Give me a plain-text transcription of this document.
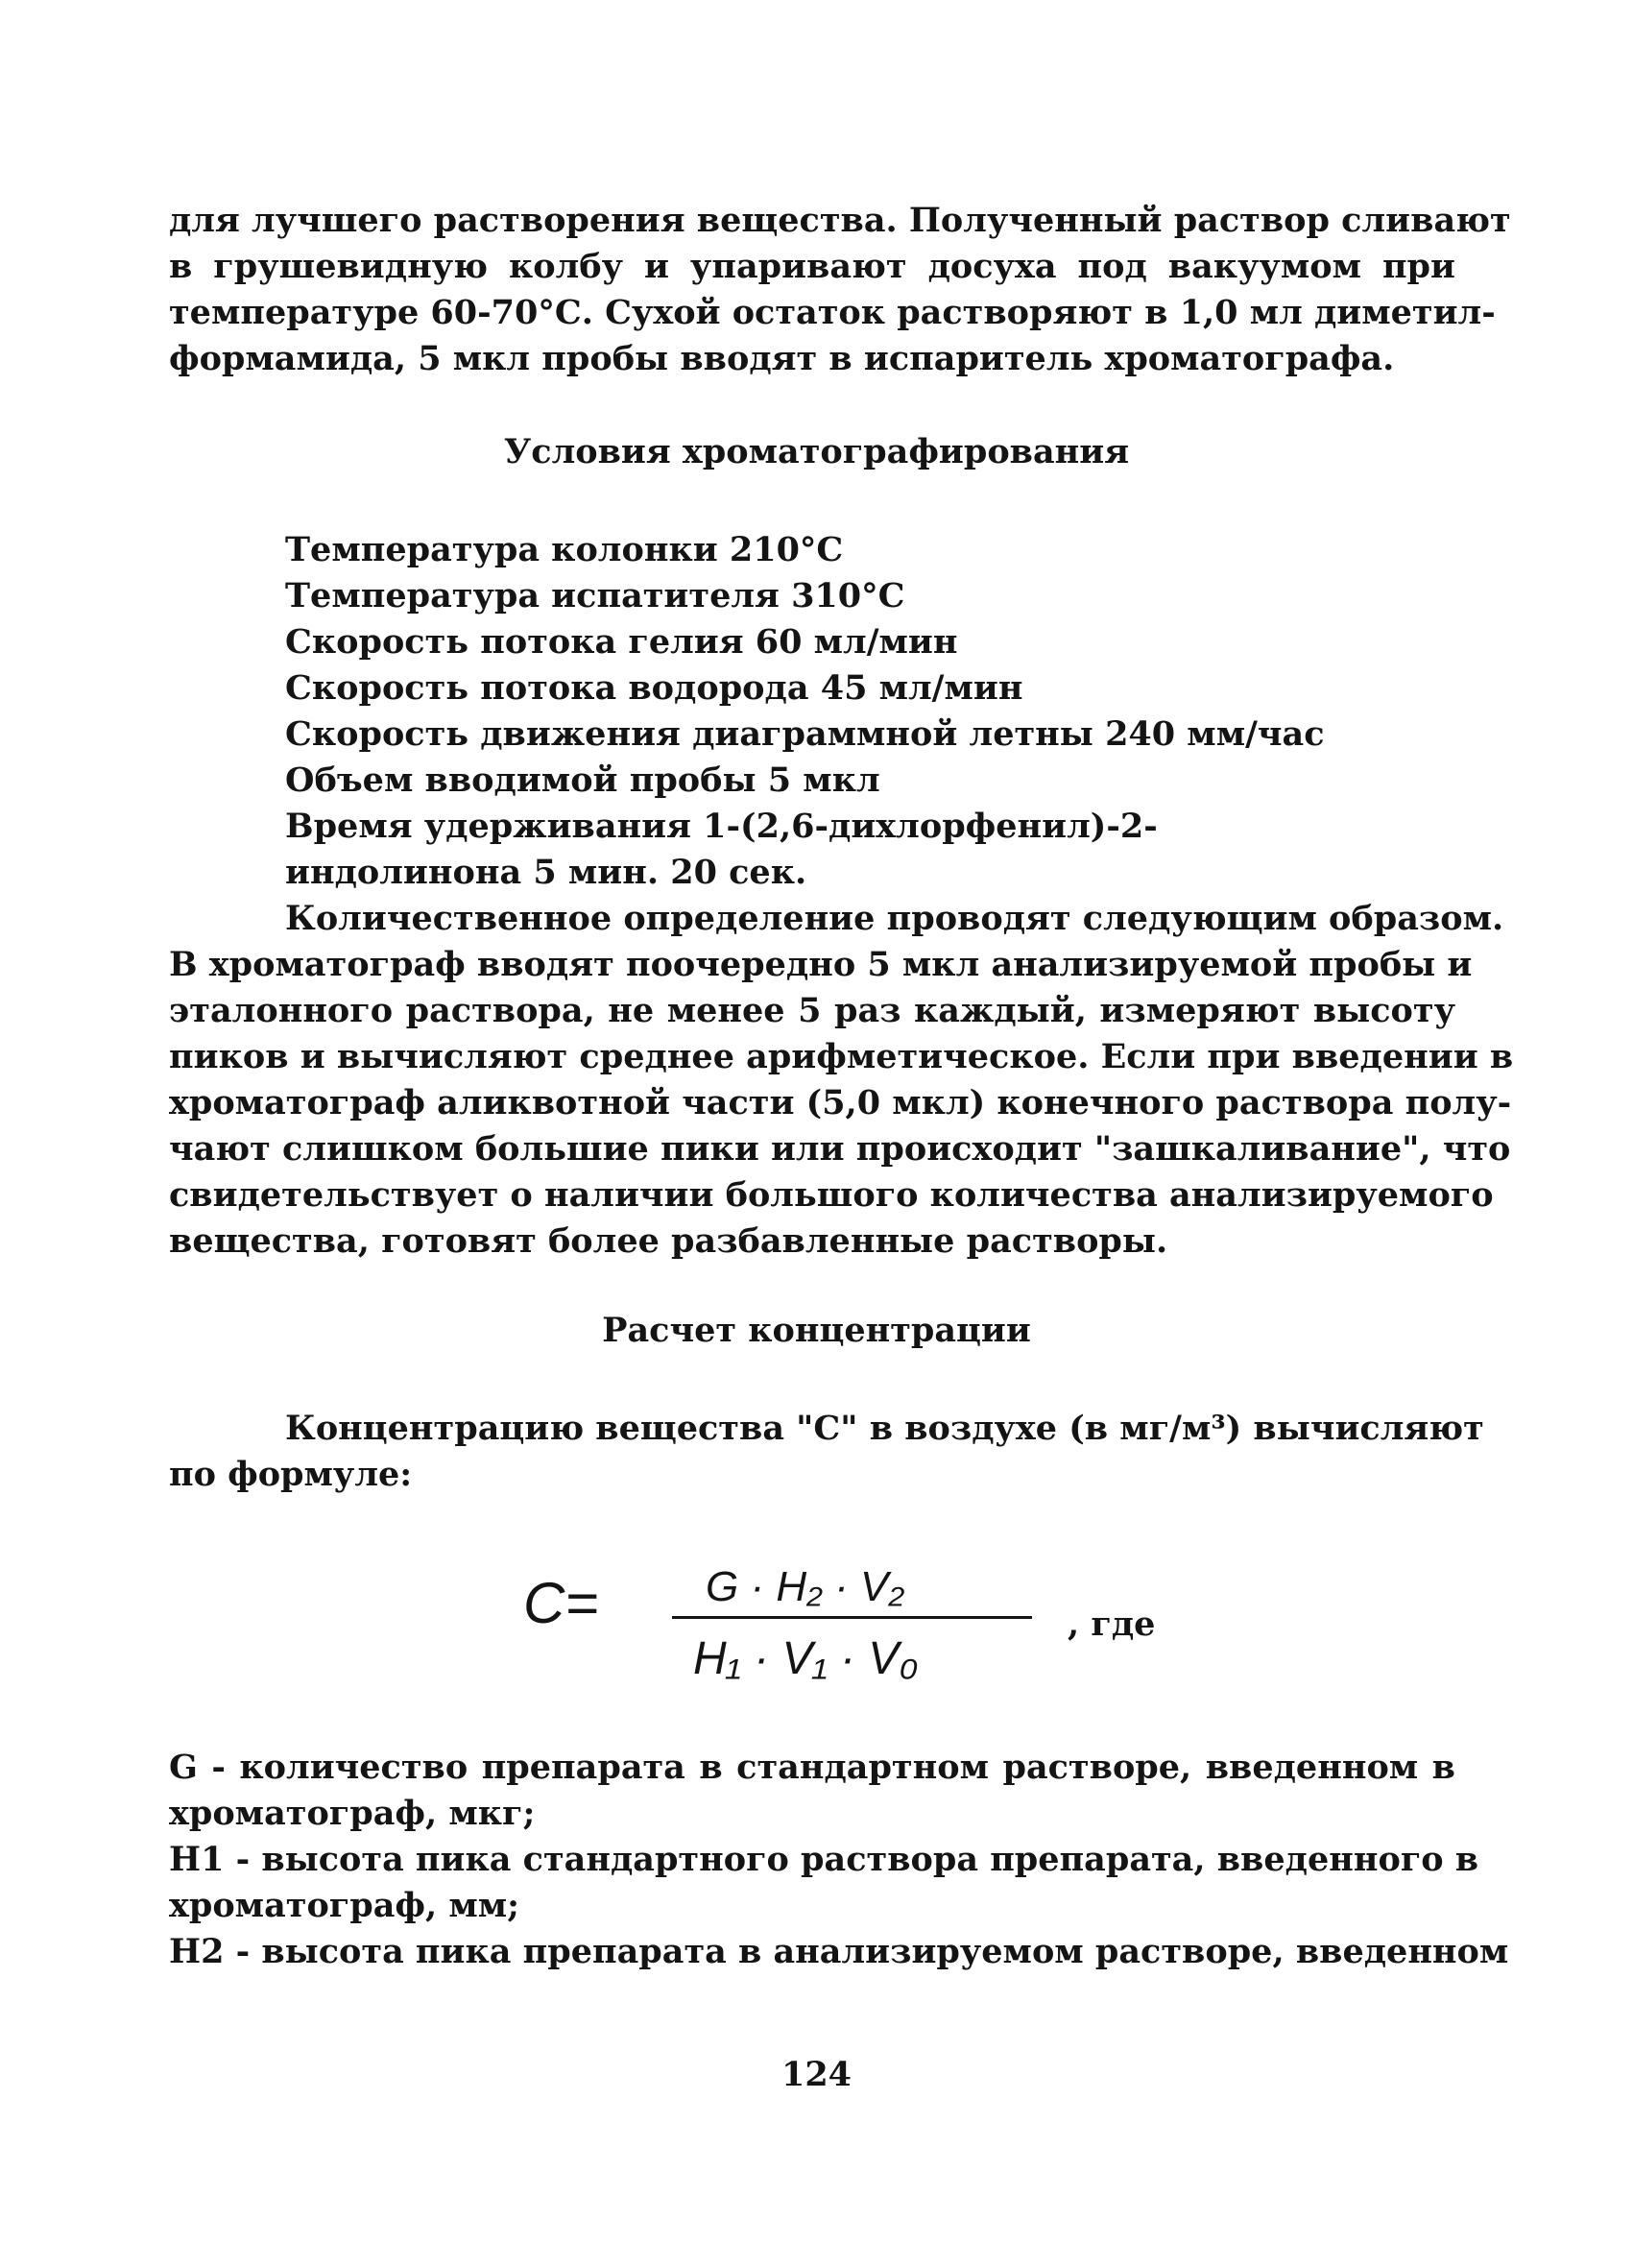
для лучшего растворения вещества. Полученный раствор сливают
в грушевидную колбу и упаривают досуха под вакуумом при
температуре 60-70°С. Сухой остаток растворяют в 1,0 мл диметил-
формамида, 5 мкл пробы вводят в испаритель хроматографа.
Условия хроматографирования
Температура колонки 210°С
Температура испатителя 310°С
Скорость потока гелия 60 мл/мин
Скорость потока водорода 45 мл/мин
Скорость движения диаграммной летны 240 мм/час
Объем вводимой пробы 5 мкл
Время удерживания 1-(2,6-дихлорфенил)-2-
индолинона 5 мин. 20 сек.
Количественное определение проводят следующим образом.
В хроматограф вводят поочередно 5 мкл анализируемой пробы и
эталонного раствора, не менее 5 раз каждый, измеряют высоту
пиков и вычисляют среднее арифметическое. Если при введении в
хроматограф аликвотной части (5,0 мкл) конечного раствора полу-
чают слишком большие пики или происходит "зашкаливание", что
свидетельствует о наличии большого количества анализируемого
вещества, готовят более разбавленные растворы.
Расчет концентрации
Концентрацию вещества "С" в воздухе (в мг/м³) вычисляют
по формуле:
C=	G · H₂ · V₂
H₁ · V₁ · V₀
, где
G - количество препарата в стандартном растворе, введенном в
хроматограф, мкг;
H1 - высота пика стандартного раствора препарата, введенного в
хроматограф, мм;
H2 - высота пика препарата в анализируемом растворе, введенном
124
